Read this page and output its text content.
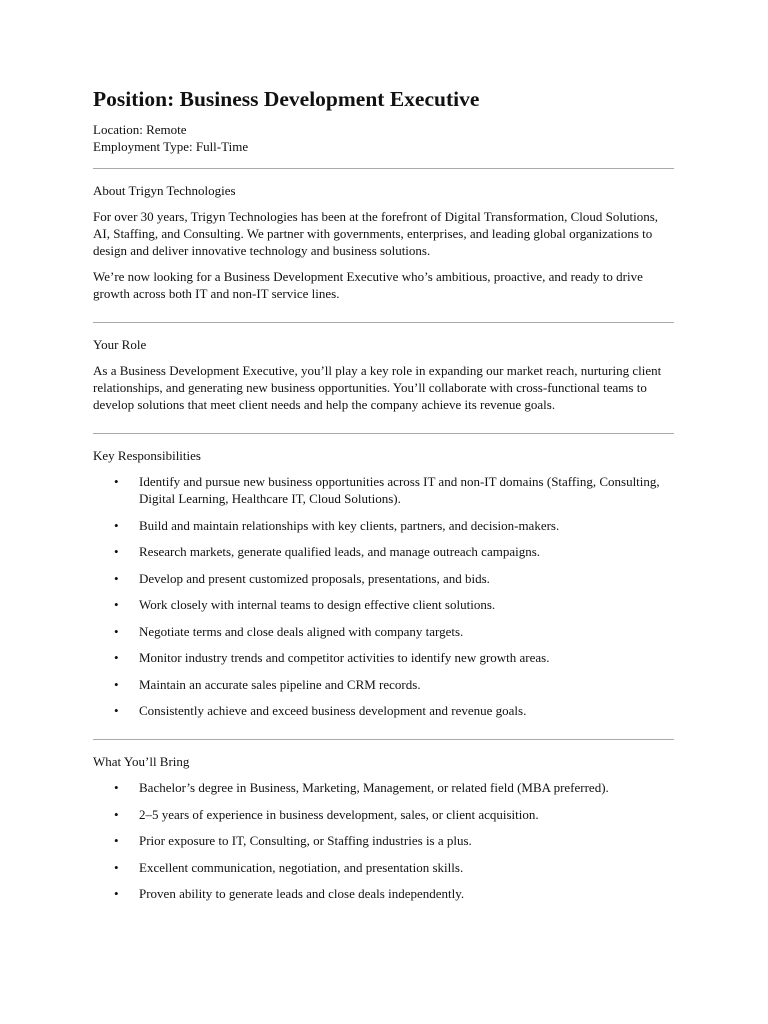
Position: Business Development Executive
Location: Remote
Employment Type: Full-Time
About Trigyn Technologies

For over 30 years, Trigyn Technologies has been at the forefront of Digital Transformation, Cloud Solutions, AI, Staffing, and Consulting. We partner with governments, enterprises, and leading global organizations to design and deliver innovative technology and business solutions.

We’re now looking for a Business Development Executive who’s ambitious, proactive, and ready to drive growth across both IT and non-IT service lines.

Your Role

As a Business Development Executive, you’ll play a key role in expanding our market reach, nurturing client relationships, and generating new business opportunities. You’ll collaborate with cross-functional teams to develop solutions that meet client needs and help the company achieve its revenue goals.

Key Responsibilities
• Identify and pursue new business opportunities across IT and non-IT domains (Staffing, Consulting, Digital Learning, Healthcare IT, Cloud Solutions).
• Build and maintain relationships with key clients, partners, and decision-makers.
• Research markets, generate qualified leads, and manage outreach campaigns.
• Develop and present customized proposals, presentations, and bids.
• Work closely with internal teams to design effective client solutions.
• Negotiate terms and close deals aligned with company targets.
• Monitor industry trends and competitor activities to identify new growth areas.
• Maintain an accurate sales pipeline and CRM records.
• Consistently achieve and exceed business development and revenue goals.
What You’ll Bring
• Bachelor’s degree in Business, Marketing, Management, or related field (MBA preferred).
• 2–5 years of experience in business development, sales, or client acquisition.
• Prior exposure to IT, Consulting, or Staffing industries is a plus.
• Excellent communication, negotiation, and presentation skills.
• Proven ability to generate leads and close deals independently.
